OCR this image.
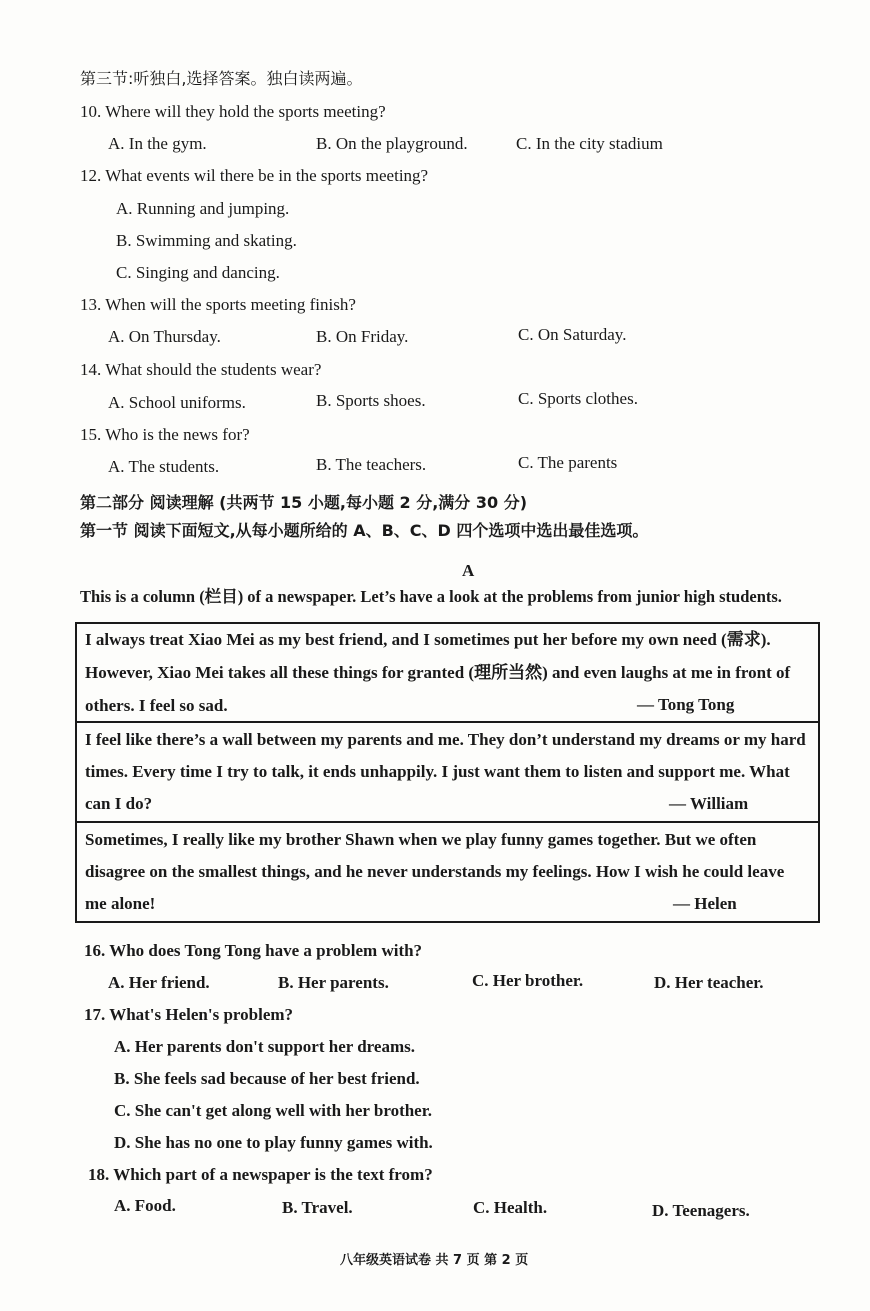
第三节:听独白,选择答案。独白读两遍。
10. Where will they hold the sports meeting?
A. In the gym.	B. On the playground.	C. In the city stadium
12. What events wil there be in the sports meeting?
A. Running and jumping.
B. Swimming and skating.
C. Singing and dancing.
13. When will the sports meeting finish?
A. On Thursday.	B. On Friday.	C. On Saturday.
14. What should the students wear?
A. School uniforms.	B. Sports shoes.	C. Sports clothes.
15. Who is the news for?
A. The students.	B. The teachers.	C. The parents
第二部分 阅读理解 (共两节 15 小题,每小题 2 分,满分 30 分)
第一节 阅读下面短文,从每小题所给的 A、B、C、D 四个选项中选出最佳选项。
A
This is a column (栏目) of a newspaper. Let’s have a look at the problems from junior high students.
I always treat Xiao Mei as my best friend, and I sometimes put her before my own need (需求).
However, Xiao Mei takes all these things for granted (理所当然) and even laughs at me in front of
others. I feel so sad.	— Tong Tong
I feel like there’s a wall between my parents and me. They don’t understand my dreams or my hard
times. Every time I try to talk, it ends unhappily. I just want them to listen and support me. What
can I do?	— William
Sometimes, I really like my brother Shawn when we play funny games together. But we often
disagree on the smallest things, and he never understands my feelings. How I wish he could leave
me alone!	— Helen
16. Who does Tong Tong have a problem with?
A. Her friend.	B. Her parents.	C. Her brother.	D. Her teacher.
17. What's Helen's problem?
A. Her parents don't support her dreams.
B. She feels sad because of her best friend.
C. She can't get along well with her brother.
D. She has no one to play funny games with.
18. Which part of a newspaper is the text from?
A. Food.	B. Travel.	C. Health.	D. Teenagers.
八年级英语试卷 共 7 页 第 2 页
